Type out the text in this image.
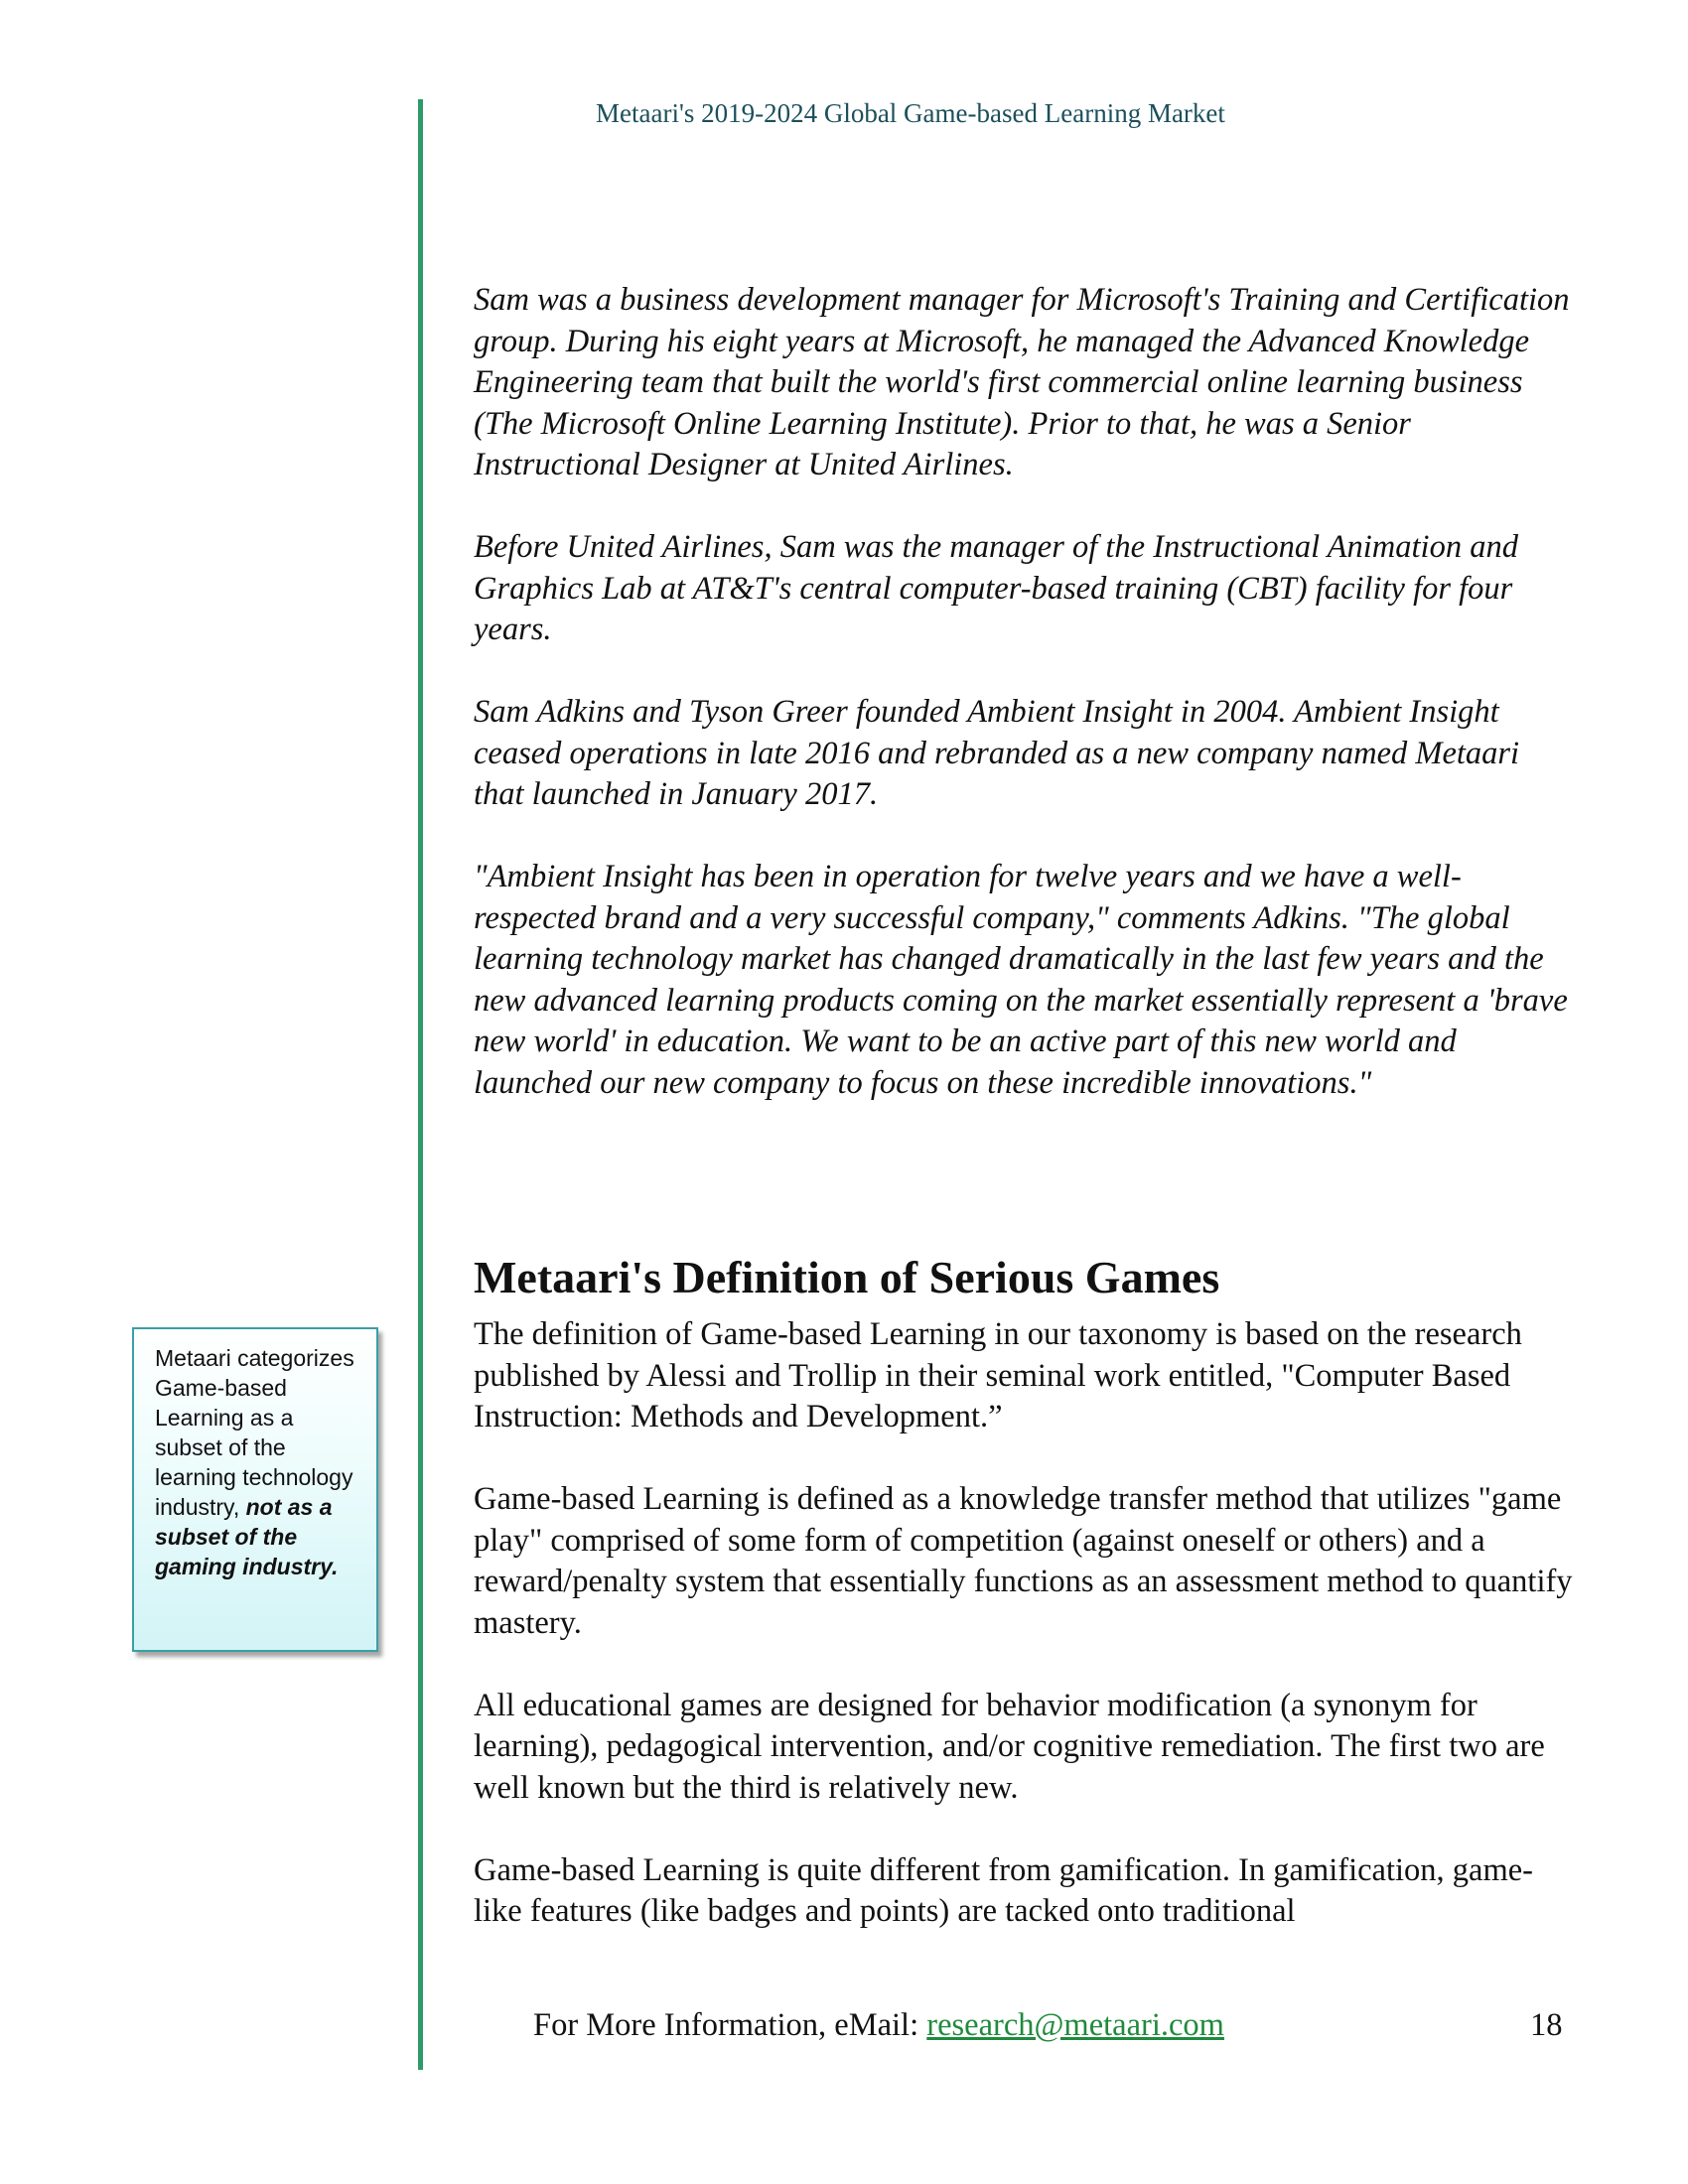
Metaari's 2019-2024 Global Game-based Learning Market

Sam was a business development manager for Microsoft's Training and Certification group. During his eight years at Microsoft, he managed the Advanced Knowledge Engineering team that built the world's first commercial online learning business (The Microsoft Online Learning Institute). Prior to that, he was a Senior Instructional Designer at United Airlines.

Before United Airlines, Sam was the manager of the Instructional Animation and Graphics Lab at AT&T's central computer-based training (CBT) facility for four years.

Sam Adkins and Tyson Greer founded Ambient Insight in 2004. Ambient Insight ceased operations in late 2016 and rebranded as a new company named Metaari that launched in January 2017.

"Ambient Insight has been in operation for twelve years and we have a well-respected brand and a very successful company," comments Adkins. "The global learning technology market has changed dramatically in the last few years and the new advanced learning products coming on the market essentially represent a 'brave new world' in education. We want to be an active part of this new world and launched our new company to focus on these incredible innovations."

Metaari's Definition of Serious Games

The definition of Game-based Learning in our taxonomy is based on the research published by Alessi and Trollip in their seminal work entitled, "Computer Based Instruction: Methods and Development.”

Game-based Learning is defined as a knowledge transfer method that utilizes "game play" comprised of some form of competition (against oneself or others) and a reward/penalty system that essentially functions as an assessment method to quantify mastery.

All educational games are designed for behavior modification (a synonym for learning), pedagogical intervention, and/or cognitive remediation. The first two are well known but the third is relatively new.

Game-based Learning is quite different from gamification. In gamification, game-like features (like badges and points) are tacked onto traditional

Metaari categorizes Game-based Learning as a subset of the learning technology industry, not as a subset of the gaming industry.
For More Information, eMail: research@metaari.com	18
